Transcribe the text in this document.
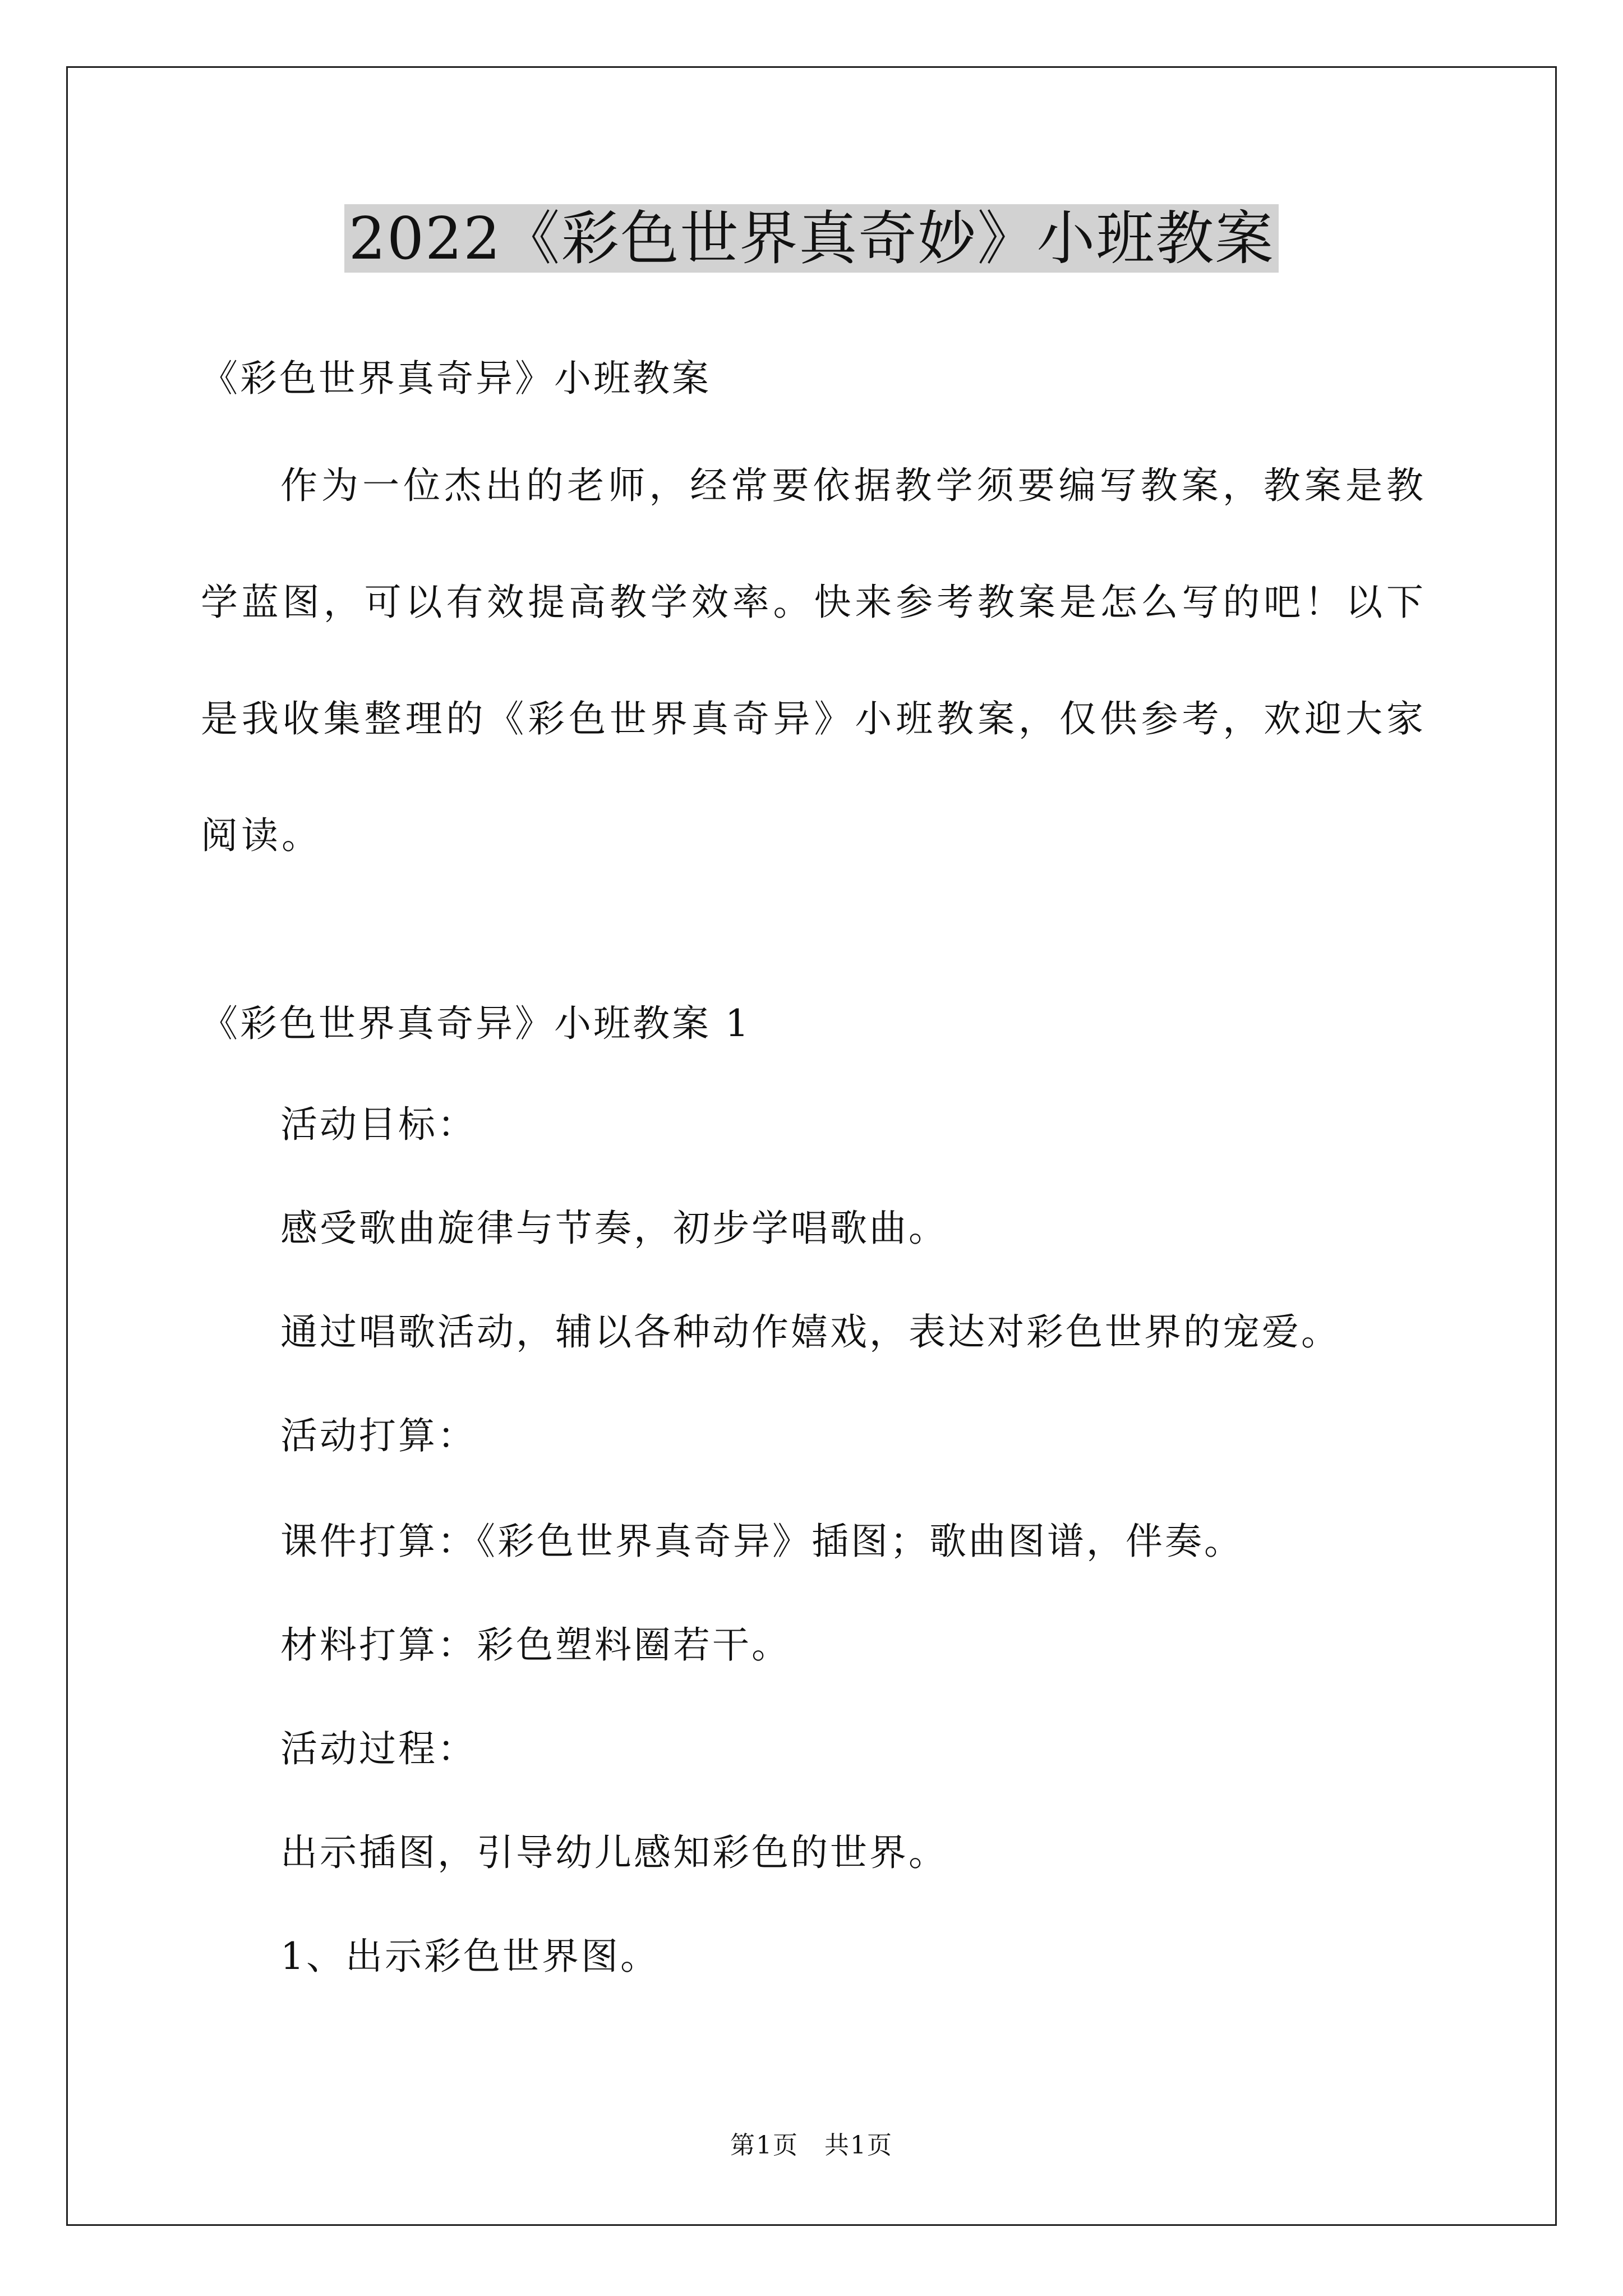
2022《彩色世界真奇妙》小班教案
《彩色世界真奇异》小班教案

作为一位杰出的老师，经常要依据教学须要编写教案，教案是教学蓝图，可以有效提高教学效率。快来参考教案是怎么写的吧！以下是我收集整理的《彩色世界真奇异》小班教案，仅供参考，欢迎大家阅读。

《彩色世界真奇异》小班教案 1
活动目标：
感受歌曲旋律与节奏，初步学唱歌曲。
通过唱歌活动，辅以各种动作嬉戏，表达对彩色世界的宠爱。
活动打算：
课件打算：《彩色世界真奇异》插图；歌曲图谱，伴奏。
材料打算：彩色塑料圈若干。
活动过程：
出示插图，引导幼儿感知彩色的世界。
1、出示彩色世界图。
第1页　共1页
